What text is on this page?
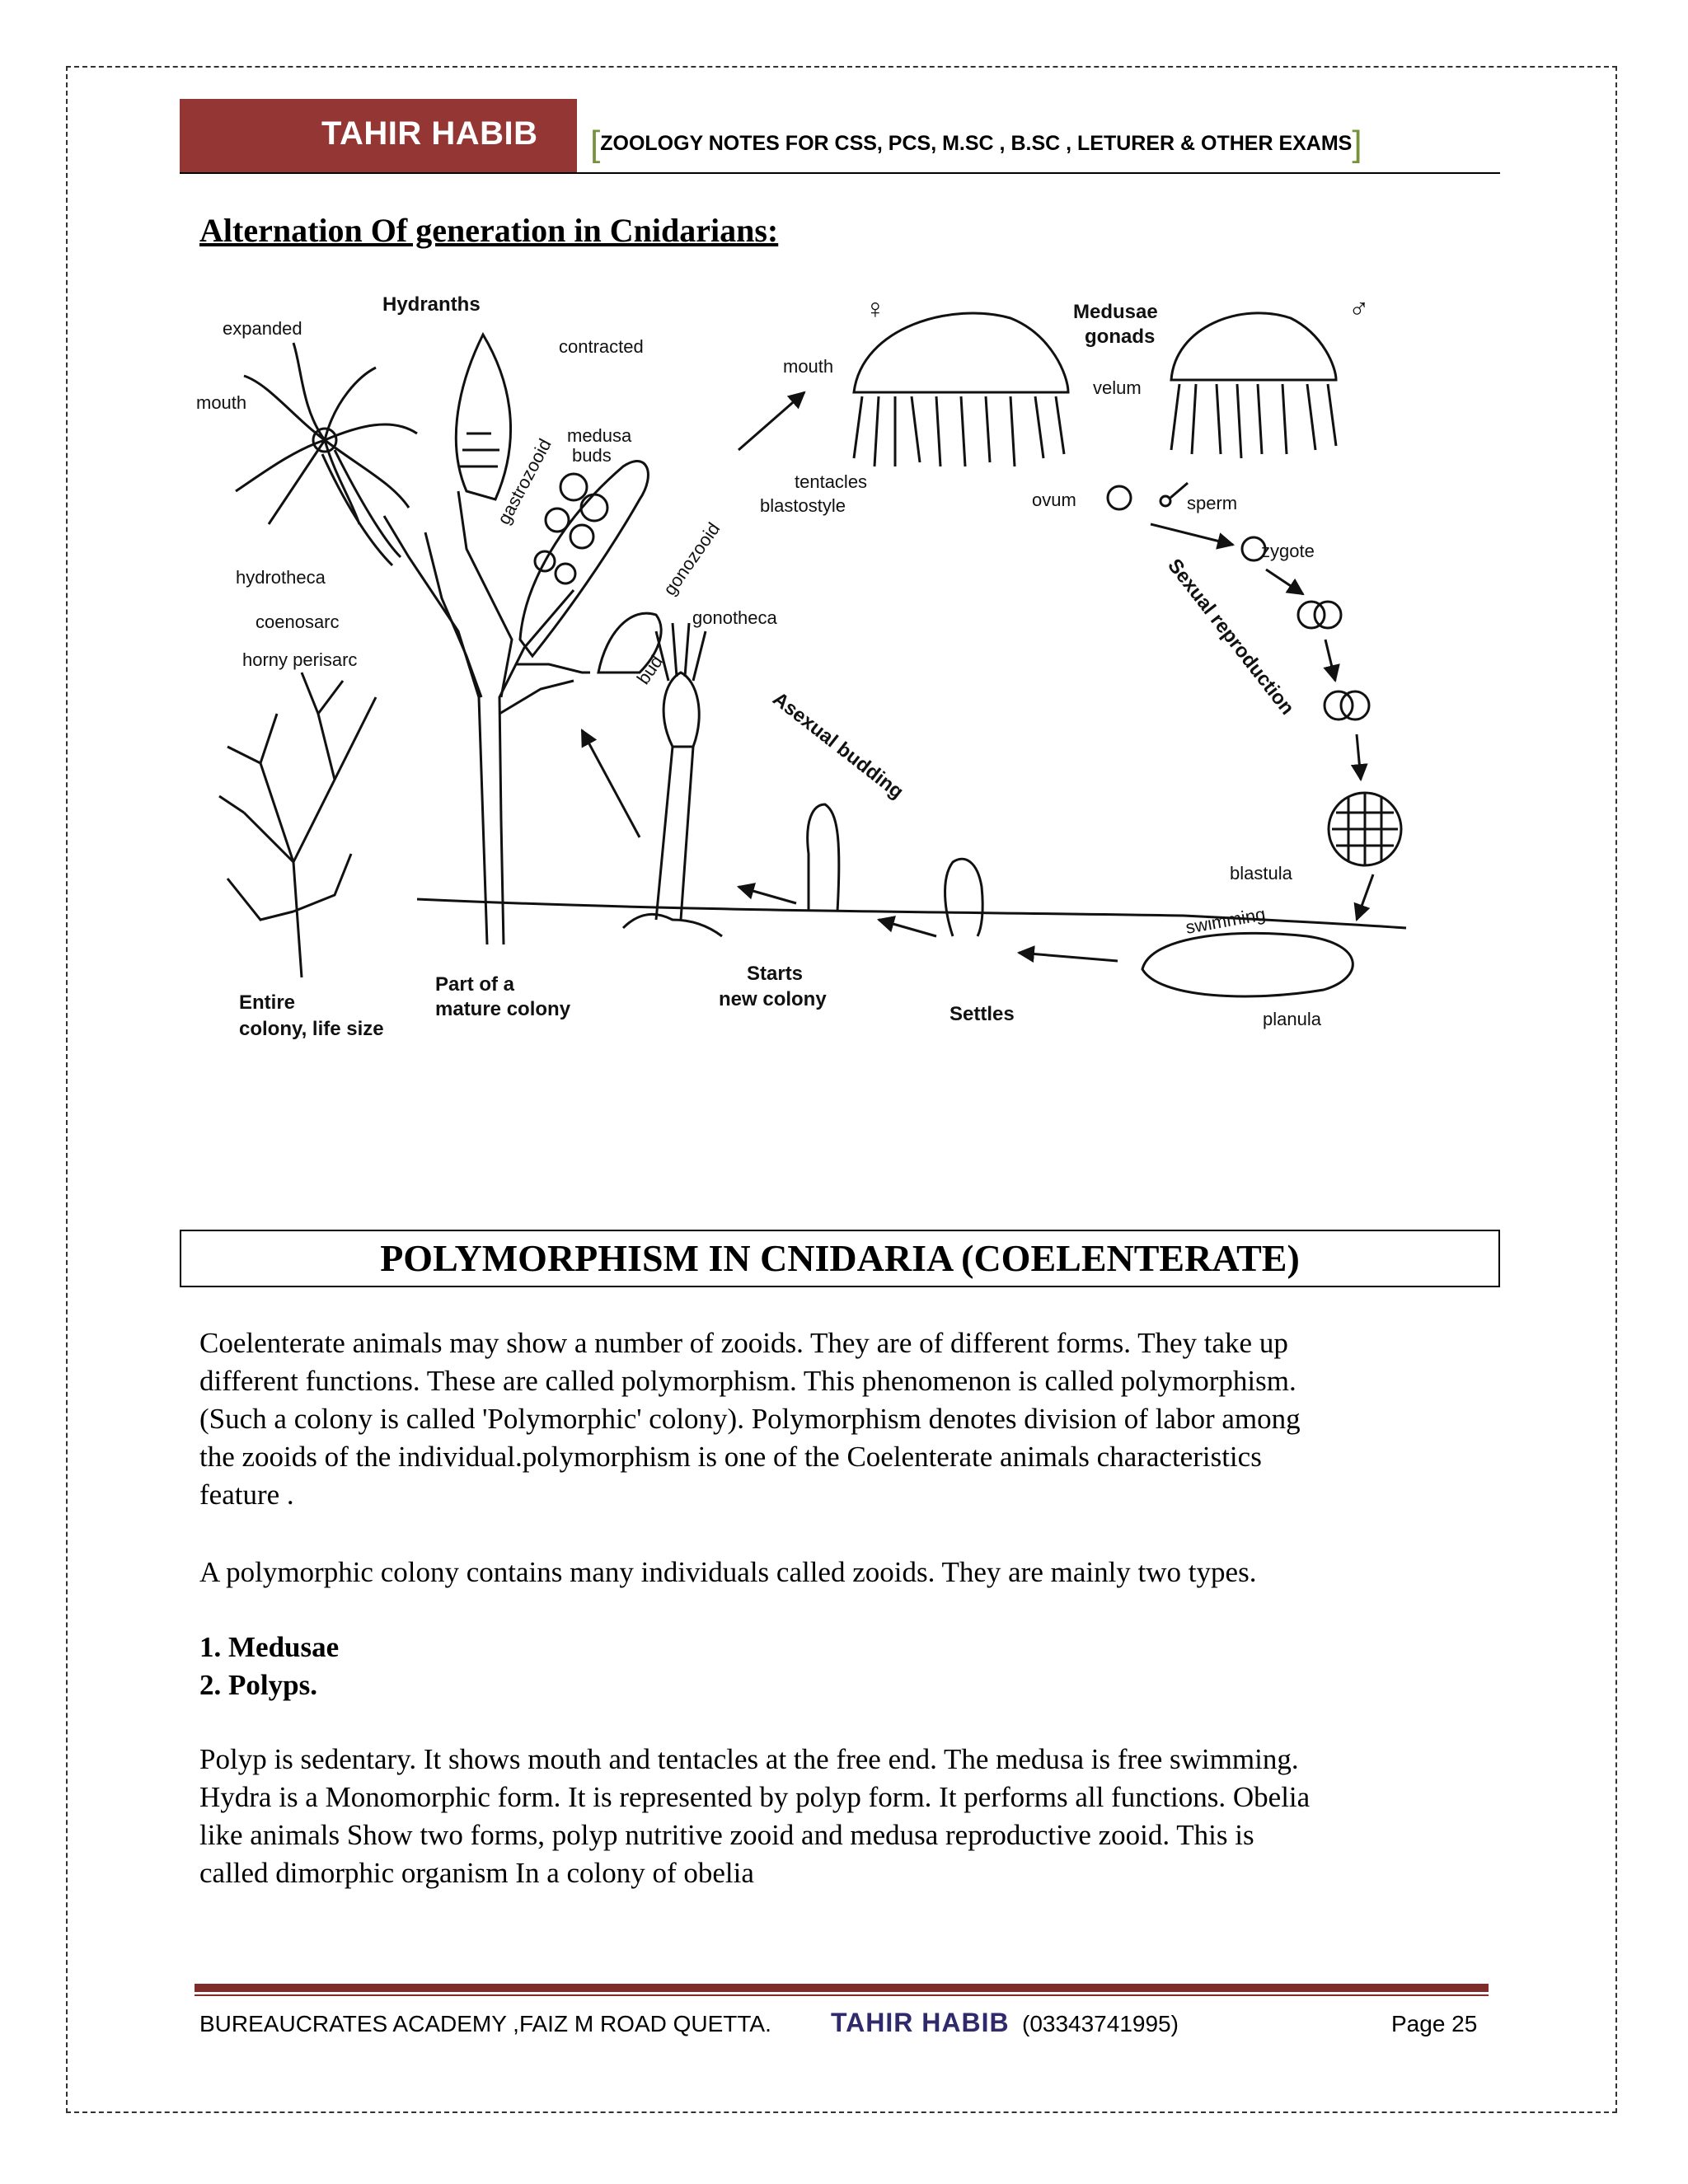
TAHIR HABIB [ZOOLOGY NOTES FOR CSS, PCS, M.SC , B.SC , LETURER & OTHER EXAMS]
Alternation Of generation in Cnidarians:
Hydranths
expanded
contracted
mouth
medusa
buds
gastrozooid
gonozooid
hydrotheca
coenosarc
horny perisarc
gonotheca
bud
blastostyle
mouth
tentacles
♀	♂
Medusae
gonads
velum
ovum	sperm
zygote
Sexual reproduction
Asexual budding
blastula
swimming
planula
Settles
Starts
new colony
Part of a
mature colony
Entire
colony, life size
POLYMORPHISM IN CNIDARIA (COELENTERATE)
Coelenterate animals may show a number of zooids. They are of different forms. They take up
different functions. These are called polymorphism. This phenomenon is called polymorphism.
(Such a colony is called 'Polymorphic' colony). Polymorphism denotes division of labor among
the zooids of the individual.polymorphism is one of the Coelenterate animals characteristics
feature .
A polymorphic colony contains many individuals called zooids. They are mainly two types.
1. Medusae
2. Polyps.
Polyp is sedentary. It shows mouth and tentacles at the free end. The medusa is free swimming.
Hydra is a Monomorphic form. It is represented by polyp form. It performs all functions. Obelia
like animals Show two forms, polyp nutritive zooid and medusa reproductive zooid. This is
called dimorphic organism In a colony of obelia
BUREAUCRATES ACADEMY ,FAIZ M ROAD QUETTA. TAHIR HABIB (03343741995)	Page 25
